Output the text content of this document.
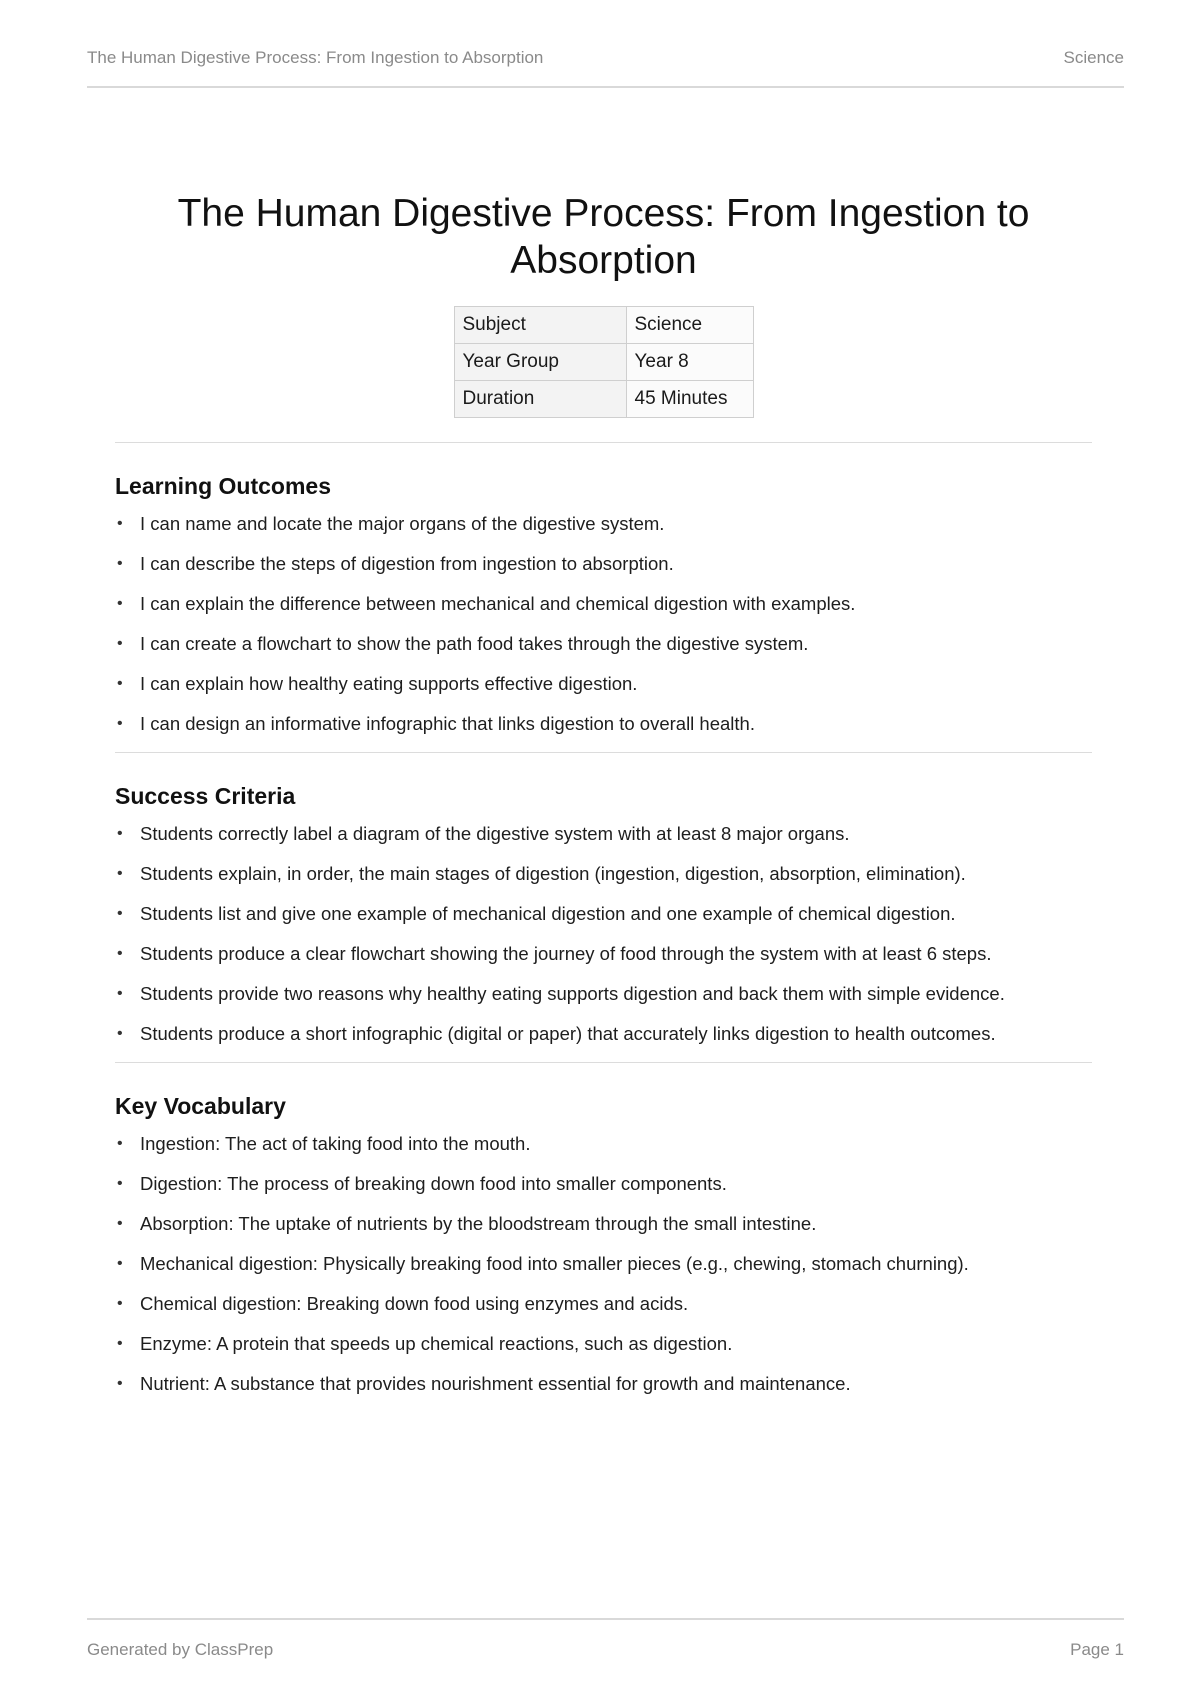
The Human Digestive Process: From Ingestion to Absorption	Science
The Human Digestive Process: From Ingestion to Absorption
Subject	Science
Year Group	Year 8
Duration	45 Minutes
Learning Outcomes
• I can name and locate the major organs of the digestive system.
• I can describe the steps of digestion from ingestion to absorption.
• I can explain the difference between mechanical and chemical digestion with examples.
• I can create a flowchart to show the path food takes through the digestive system.
• I can explain how healthy eating supports effective digestion.
• I can design an informative infographic that links digestion to overall health.
Success Criteria
• Students correctly label a diagram of the digestive system with at least 8 major organs.
• Students explain, in order, the main stages of digestion (ingestion, digestion, absorption, elimination).
• Students list and give one example of mechanical digestion and one example of chemical digestion.
• Students produce a clear flowchart showing the journey of food through the system with at least 6 steps.
• Students provide two reasons why healthy eating supports digestion and back them with simple evidence.
• Students produce a short infographic (digital or paper) that accurately links digestion to health outcomes.
Key Vocabulary
• Ingestion: The act of taking food into the mouth.
• Digestion: The process of breaking down food into smaller components.
• Absorption: The uptake of nutrients by the bloodstream through the small intestine.
• Mechanical digestion: Physically breaking food into smaller pieces (e.g., chewing, stomach churning).
• Chemical digestion: Breaking down food using enzymes and acids.
• Enzyme: A protein that speeds up chemical reactions, such as digestion.
• Nutrient: A substance that provides nourishment essential for growth and maintenance.
Generated by ClassPrep	Page 1
